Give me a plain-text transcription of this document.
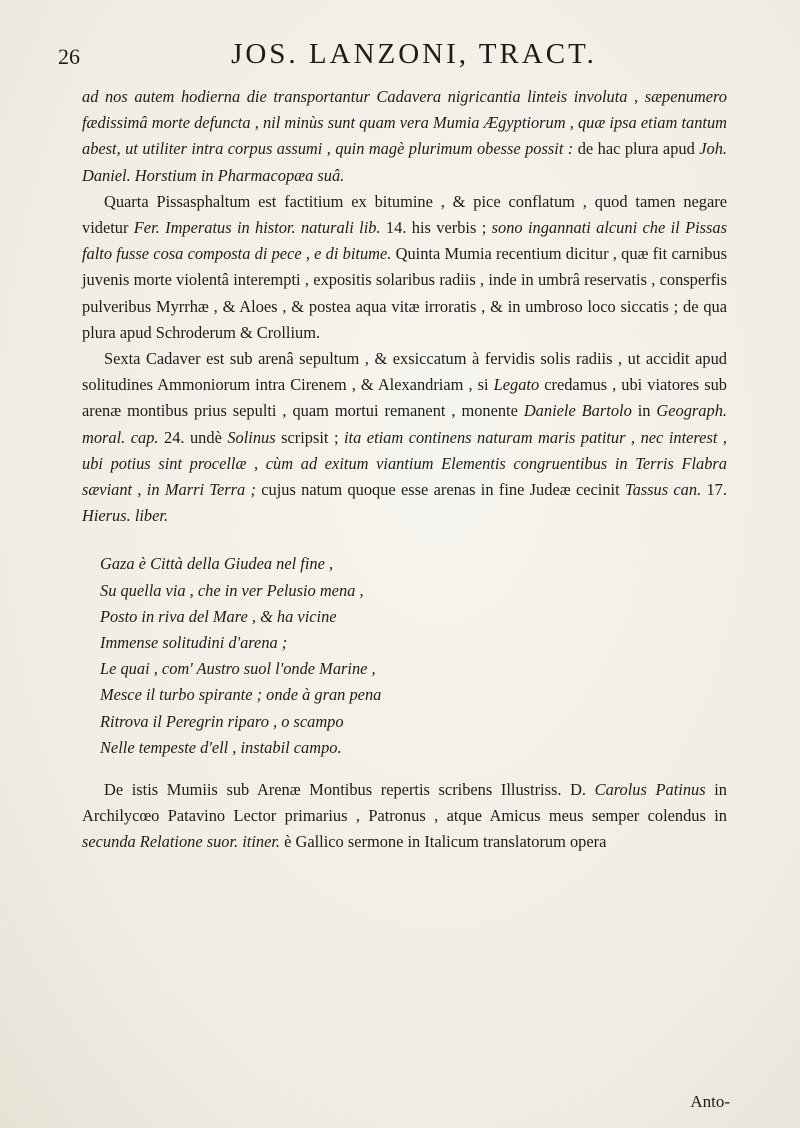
26	JOS. LANZONI, TRACT.

ad nos autem hodierna die transportantur Cadavera nigricantia linteis involuta , sæpenumero fædissimâ morte defuncta , nil minùs sunt quam vera Mumia Ægyptiorum , quæ ipsa etiam tantum abest, ut utiliter intra corpus assumi , quin magè plurimum obesse possit : de hac plura apud Joh. Daniel. Horstium in Pharmacopæa suâ.

Quarta Pissasphaltum est factitium ex bitumine , & pice conflatum , quod tamen negare videtur Fer. Imperatus in histor. naturali lib. 14. his verbis ; sono ingannati alcuni che il Pissas falto fusse cosa composta di pece , e di bitume. Quinta Mumia recentium dicitur , quæ fit carnibus juvenis morte violentâ interempti , expositis solaribus radiis , inde in umbrâ reservatis , consperfis pulveribus Myrrhæ , & Aloes , & postea aqua vitæ irroratis , & in umbroso loco siccatis ; de qua plura apud Schroderum & Crollium.

Sexta Cadaver est sub arenâ sepultum , & exsiccatum à fervidis solis radiis , ut accidit apud solitudines Ammoniorum intra Cirenem , & Alexandriam , si Legato credamus , ubi viatores sub arenæ montibus prius sepulti , quam mortui remanent , monente Daniele Bartolo in Geograph. moral. cap. 24. undè Solinus scripsit ; ita etiam continens naturam maris patitur , nec interest , ubi potius sint procellæ , cùm ad exitum viantium Elementis congruentibus in Terris Flabra sæviant , in Marri Terra ; cujus natum quoque esse arenas in fine Judeæ cecinit Tassus can. 17. Hierus. liber.

Gaza è Città della Giudea nel fine ,
Su quella via , che in ver Pelusio mena ,
Posto in riva del Mare , & ha vicine
Immense solitudini d'arena ;
Le quai , com' Austro suol l'onde Marine ,
Mesce il turbo spirante ; onde à gran pena
Ritrova il Peregrin riparo , o scampo
Nelle tempeste d'ell , instabil campo.

De istis Mumiis sub Arenæ Montibus repertis scribens Illustriss. D. Carolus Patinus in Archilycœo Patavino Lector primarius , Patronus , atque Amicus meus semper colendus in secunda Relatione suor. itiner. è Gallico sermone in Italicum translatorum opera

Anto-
